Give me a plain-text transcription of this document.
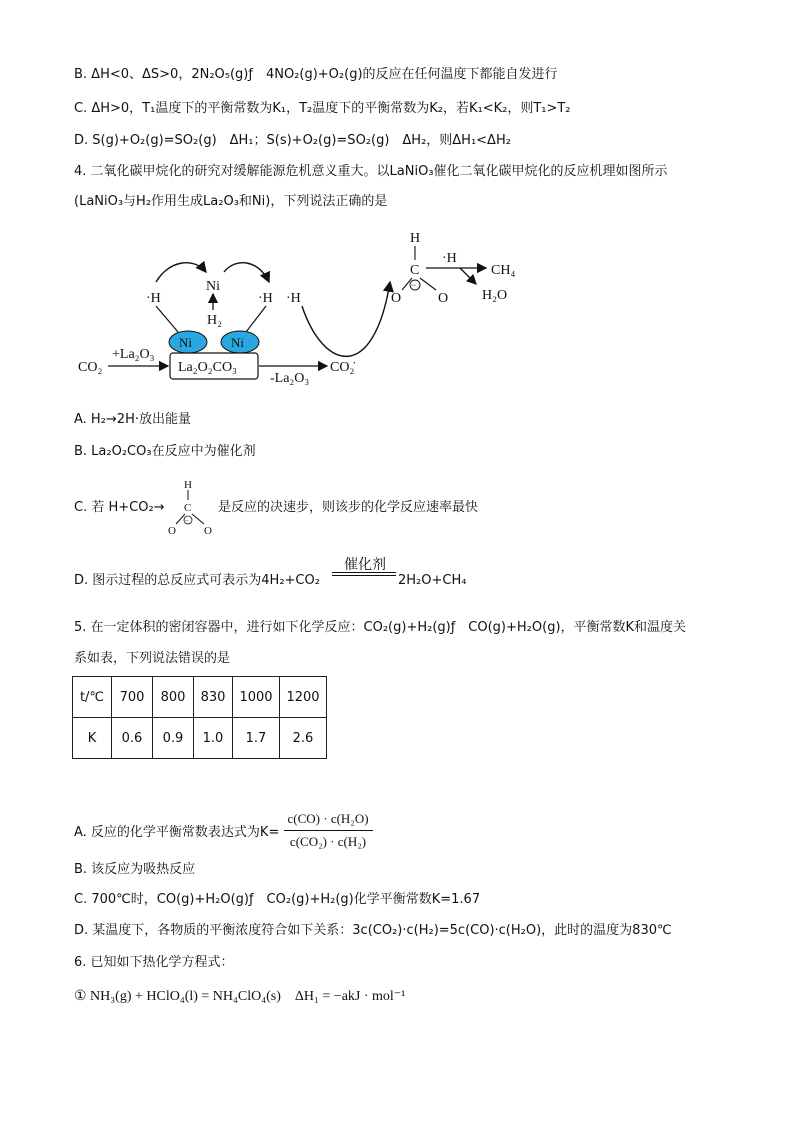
B. ΔH<0、ΔS>0，2N₂O₅(g)ƒ　4NO₂(g)+O₂(g)的反应在任何温度下都能自发进行
C. ΔH>0，T₁温度下的平衡常数为K₁，T₂温度下的平衡常数为K₂，若K₁<K₂，则T₁>T₂
D. S(g)+O₂(g)=SO₂(g)　ΔH₁；S(s)+O₂(g)=SO₂(g)　ΔH₂，则ΔH₁<ΔH₂
4. 二氧化碳甲烷化的研究对缓解能源危机意义重大。以LaNiO₃催化二氧化碳甲烷化的反应机理如图所示
(LaNiO₃与H₂作用生成La₂O₃和Ni)，下列说法正确的是
Ni
H₂
·H	·H ·H
Ni	Ni
La₂O₂CO₃
CO₂
+La₂O₃
-La₂O₃
CO₂̇
H
C
−
O	O
·H
CH₄
H₂O
A. H₂→2H·放出能量
B. La₂O₂CO₃在反应中为催化剂
C. 若 H+CO₂→
H
C
−
O	O
是反应的决速步，则该步的化学反应速率最快
D. 图示过程的总反应式可表示为4H₂+CO₂
催化剂
2H₂O+CH₄
5. 在一定体积的密闭容器中，进行如下化学反应：CO₂(g)+H₂(g)ƒ　CO(g)+H₂O(g)，平衡常数K和温度关
系如表，下列说法错误的是
t/℃	700	800	830	1000	1200
K	0.6	0.9	1.0	1.7	2.6
A. 反应的化学平衡常数表达式为$K= \frac{\text{c(CO) · c(H₂O)}}{\text{c(CO₂) · c(H₂)}}$
B. 该反应为吸热反应
C. 700℃时，CO(g)+H₂O(g)ƒ　CO₂(g)+H₂(g)化学平衡常数K=1.67
D. 某温度下，各物质的平衡浓度符合如下关系：3c(CO₂)·c(H₂)=5c(CO)·c(H₂O)，此时的温度为830℃
6. 已知如下热化学方程式：
① NH₃(g) + HClO₄(l) = NH₄ClO₄(s)　ΔH₁ = −akJ · mol⁻¹
